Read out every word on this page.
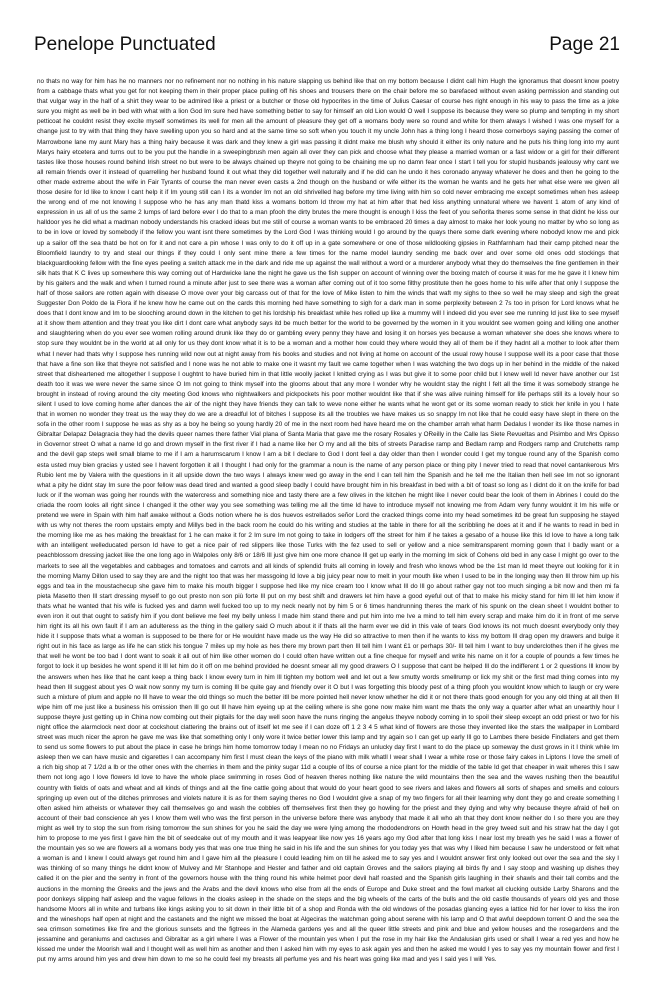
Penelope Punctuated	Page 21

no thats no way for him has he no manners nor no refinement nor no nothing in his nature slapping us behind like that on my bottom because I didnt call him Hugh the ignoramus that doesnt know poetry from a cabbage thats what you get for not keeping them in their proper place pulling off his shoes and trousers there on the chair before me so barefaced without even asking permission and standing out that vulgar way in the half of a shirt they wear to be admired like a priest or a butcher or those old hypocrites in the time of Julius Caesar of course hes right enough in his way to pass the time as a joke sure you might as well be in bed with what with a lion God Im sure hed have something better to say for himself an old Lion would O well I suppose its because they were so plump and tempting in my short petticoat he couldnt resist they excite myself sometimes its well for men all the amount of pleasure they get off a womans body were so round and white for them always I wished I was one myself for a change just to try with that thing they have swelling upon you so hard and at the same time so soft when you touch it my uncle John has a thing long I heard those cornerboys saying passing the corner of Marrowbone lane my aunt Mary has a thing hairy because it was dark and they knew a girl was passing it didnt make me blush why should it either its only nature and he puts his thing long into my aunt Marys hairy etcetera and turns out to be you put the handle in a sweepingbrush men again all over they can pick and choose what they please a married woman or a fast widow or a girl for their different tastes like those houses round behind Irish street no but were to be always chained up theyre not going to be chaining me up no damn fear once I start I tell you for stupid husbands jealousy why cant we all remain friends over it instead of quarrelling her husband found it out what they did together well naturally and if he did can he undo it hes coronado anyway whatever he does and then he going to the other made extreme about the wife in Fair Tyrants of course the man never even casts a 2nd though on the husband or wife either its the woman he wants and he gets her what else were we given all those desire for Id like to know I cant help it if Im young still can I its a wonder Im not an old shrivelled hag before my time living with him so cold never embracing me except sometimes when hes asleep the wrong end of me not knowing I suppose who he has any man thatd kiss a womans bottom Id throw my hat at him after that hed kiss anything unnatural where we havent 1 atom of any kind of expression in us all of us the same 2 lumps of lard before ever I do that to a man pfooh the dirty brutes the mere thought is enough I kiss the feet of you señorita theres some sense in that didnt he kiss our halldoor yes he did what a madman nobody understands his cracked ideas but me still of course a woman wants to be embraced 20 times a day almost to make her look young no matter by who so long as to be in love or loved by somebody if the fellow you want isnt there sometimes by the Lord God I was thinking would I go around by the quays there some dark evening where nobodyd know me and pick up a sailor off the sea thatd be hot on for it and not care a pin whose I was only to do it off up in a gate somewhere or one of those wildlooking gipsies in Rathfarnham had their camp pitched near the Bloomfield laundry to try and steal our things if they could I only sent mine there a few times for the name model laundry sending me back over and over some old ones odd stockings that blackguardlooking fellow with the fine eyes peeling a switch attack me in the dark and ride me up against the wall without a word or a murderer anybody what they do themselves the fine gentlemen in their silk hats that K C lives up somewhere this way coming out of Hardwicke lane the night he gave us the fish supper on account of winning over the boxing match of course it was for me he gave it I knew him by his gaiters and the walk and when I turned round a minute after just to see there was a woman after coming out of it too some filthy prostitute then he goes home to his wife after that only I suppose the half of those sailors are rotten again with disease O move over your big carcass out of that for the love of Mike listen to him the winds that waft my sighs to thee so well he may sleep and sigh the great Suggester Don Poldo de la Flora if he knew how he came out on the cards this morning hed have something to sigh for a dark man in some perplexity between 2 7s too in prison for Lord knows what he does that I dont know and Im to be slooching around down in the kitchen to get his lordship his breakfast while hes rolled up like a mummy will I indeed did you ever see me running Id just like to see myself at it show them attention and they treat you like dirt I dont care what anybody says itd be much better for the world to be governed by the women in it you wouldnt see women going and killing one another and slaughtering when do you ever see women rolling around drunk like they do or gambling every penny they have and losing it on horses yes because a woman whatever she does she knows where to stop sure they wouldnt be in the world at all only for us they dont know what it is to be a woman and a mother how could they where would they all of them be if they hadnt all a mother to look after them what I never had thats why I suppose hes running wild now out at night away from his books and studies and not living at home on account of the usual rowy house I suppose well its a poor case that those that have a fine son like that theyre not satisfied and I none was he not able to make one it wasnt my fault we came together when I was watching the two dogs up in her behind in the middle of the naked street that disheartened me altogether I suppose I oughtnt to have buried him in that little woolly jacket I knitted crying as I was but give it to some poor child but I knew well Id never have another our 1st death too it was we were never the same since O Im not going to think myself into the glooms about that any more I wonder why he wouldnt stay the night I felt all the time it was somebody strange he brought in instead of roving around the city meeting God knows who nightwalkers and pickpockets his poor mother wouldnt like that if she was alive ruining himself for life perhaps still its a lovely hour so silent I used to love coming home after dances the air of the night they have friends they can talk to weve none either he wants what he wont get or its some woman ready to stick her knife in you I hate that in women no wonder they treat us the way they do we are a dreadful lot of bitches I suppose its all the troubles we have makes us so snappy Im not like that he could easy have slept in there on the sofa in the other room I suppose he was as shy as a boy he being so young hardly 20 of me in the next room hed have heard me on the chamber arrah what harm Dedalus I wonder its like those names in Gibraltar Delapaz Delagracia they had the devils queer names there father Vial plana of Santa Maria that gave me the rosary Rosales y OReilly in the Calle las Siete Revueltas and Pisimbo and Mrs Opisso in Governor street O what a name Id go and drown myself in the first river if I had a name like her O my and all the bits of streets Paradise ramp and Bedlam ramp and Rodgers ramp and Crutchetts ramp and the devil gap steps well small blame to me if I am a harumscarum I know I am a bit I declare to God I dont feel a day older than then I wonder could I get my tongue round any of the Spanish como esta usted muy bien gracias y usted see I havent forgotten it all I thought I had only for the grammar a noun is the name of any person place or thing pity I never tried to read that novel cantankerous Mrs Rubio lent me by Valera with the questions in it all upside down the two ways I always knew wed go away in the end I can tell him the Spanish and he tell me the Italian then hell see Im not so ignorant what a pity he didnt stay Im sure the poor fellow was dead tired and wanted a good sleep badly I could have brought him in his breakfast in bed with a bit of toast so long as I didnt do it on the knife for bad luck or if the woman was going her rounds with the watercress and something nice and tasty there are a few olives in the kitchen he might like I never could bear the look of them in Abrines I could do the criada the room looks all right since I changed it the other way you see something was telling me all the time Id have to introduce myself not knowing me from Adam very funny wouldnt it Im his wife or pretend we were in Spain with him half awake without a Gods notion where he is dos huevos estrellados señor Lord the cracked things come into my head sometimes itd be great fun supposing he stayed with us why not theres the room upstairs empty and Millys bed in the back room he could do his writing and studies at the table in there for all the scribbling he does at it and if he wants to read in bed in the morning like me as hes making the breakfast for 1 he can make it for 2 Im sure Im not going to take in lodgers off the street for him if he takes a gesabo of a house like this Id love to have a long talk with an intelligent welleducated person Id have to get a nice pair of red slippers like those Turks with the fez used to sell or yellow and a nice semitransparent morning gown that I badly want or a peachblossom dressing jacket like the one long ago in Walpoles only 8/6 or 18/6 Ill just give him one more chance Ill get up early in the morning Im sick of Cohens old bed in any case I might go over to the markets to see all the vegetables and cabbages and tomatoes and carrots and all kinds of splendid fruits all coming in lovely and fresh who knows whod be the 1st man Id meet theyre out looking for it in the morning Mamy Dillon used to say they are and the night too that was her massgoing Id love a big juicy pear now to melt in your mouth like when I used to be in the longing way then Ill throw him up his eggs and tea in the moustachecup she gave him to make his mouth bigger I suppose hed like my nice cream too I know what Ill do Ill go about rather gay not too much singing a bit now and then mi fa pieta Masetto then Ill start dressing myself to go out presto non son più forte Ill put on my best shift and drawers let him have a good eyeful out of that to make his micky stand for him Ill let him know if thats what he wanted that his wife is fucked yes and damn well fucked too up to my neck nearly not by him 5 or 6 times handrunning theres the mark of his spunk on the clean sheet I wouldnt bother to even iron it out that ought to satisfy him if you dont believe me feel my belly unless I made him stand there and put him into me Ive a mind to tell him every scrap and make him do it in front of me serve him right its all his own fault if I am an adulteress as the thing in the gallery said O much about it if thats all the harm ever we did in this vale of tears God knows its not much doesnt everybody only they hide it I suppose thats what a woman is supposed to be there for or He wouldnt have made us the way He did so attractive to men then if he wants to kiss my bottom Ill drag open my drawers and bulge it right out in his face as large as life he can stick his tongue 7 miles up my hole as hes there my brown part then Ill tell him I want £1 or perhaps 30/- Ill tell him I want to buy underclothes then if he gives me that well he wont be too bad I dont want to soak it all out of him like other women do I could often have written out a fine cheque for myself and write his name on it for a couple of pounds a few times he forgot to lock it up besides he wont spend it Ill let him do it off on me behind provided he doesnt smear all my good drawers O I suppose that cant be helped Ill do the indifferent 1 or 2 questions Ill know by the answers when hes like that he cant keep a thing back I know every turn in him Ill tighten my bottom well and let out a few smutty words smellrump or lick my shit or the first mad thing comes into my head then Ill suggest about yes O wait now sonny my turn is coming Ill be quite gay and friendly over it O but I was forgetting this bloody pest of a thing pfooh you wouldnt know which to laugh or cry were such a mixture of plum and apple no Ill have to wear the old things so much the better itll be more pointed hell never know whether he did it or not there thats good enough for you any old thing at all then Ill wipe him off me just like a business his omission then Ill go out Ill have him eyeing up at the ceiling where is she gone now make him want me thats the only way a quarter after what an unearthly hour I suppose theyre just getting up in China now combing out their pigtails for the day well soon have the nuns ringing the angelus theyve nobody coming in to spoil their sleep except an odd priest or two for his night office the alarmclock next door at cockshout clattering the brains out of itself let me see if I can doze off 1 2 3 4 5 what kind of flowers are those they invented like the stars the wallpaper in Lombard street was much nicer the apron he gave me was like that something only I only wore it twice better lower this lamp and try again so I can get up early Ill go to Lambes there beside Findlaters and get them to send us some flowers to put about the place in case he brings him home tomorrow today I mean no no Fridays an unlucky day first I want to do the place up someway the dust grows in it I think while Im asleep then we can have music and cigarettes I can accompany him first I must clean the keys of the piano with milk whatll I wear shall I wear a white rose or those fairy cakes in Liptons I love the smell of a rich big shop at 7 1/2d a lb or the other ones with the cherries in them and the pinky sugar 11d a couple of lbs of course a nice plant for the middle of the table Id get that cheaper in wait wheres this I saw them not long ago I love flowers Id love to have the whole place swimming in roses God of heaven theres nothing like nature the wild mountains then the sea and the waves rushing then the beautiful country with fields of oats and wheat and all kinds of things and all the fine cattle going about that would do your heart good to see rivers and lakes and flowers all sorts of shapes and smells and colours springing up even out of the ditches primroses and violets nature it is as for them saying theres no God I wouldnt give a snap of my two fingers for all their learning why dont they go and create something I often asked him atheists or whatever they call themselves go and wash the cobbles off themselves first then they go howling for the priest and they dying and why why because theyre afraid of hell on account of their bad conscience ah yes I know them well who was the first person in the universe before there was anybody that made it all who ah that they dont know neither do I so there you are they might as well try to stop the sun from rising tomorrow the sun shines for you he said the day we were lying among the rhododendrons on Howth head in the grey tweed suit and his straw hat the day I got him to propose to me yes first I gave him the bit of seedcake out of my mouth and it was leapyear like now yes 16 years ago my God after that long kiss I near lost my breath yes he said I was a flower of the mountain yes so we are flowers all a womans body yes that was one true thing he said in his life and the sun shines for you today yes that was why I liked him because I saw he understood or felt what a woman is and I knew I could always get round him and I gave him all the pleasure I could leading him on till he asked me to say yes and I wouldnt answer first only looked out over the sea and the sky I was thinking of so many things he didnt know of Mulvey and Mr Stanhope and Hester and father and old captain Groves and the sailors playing all birds fly and I say stoop and washing up dishes they called it on the pier and the sentry in front of the governors house with the thing round his white helmet poor devil half roasted and the Spanish girls laughing in their shawls and their tall combs and the auctions in the morning the Greeks and the jews and the Arabs and the devil knows who else from all the ends of Europe and Duke street and the fowl market all clucking outside Larby Sharons and the poor donkeys slipping half asleep and the vague fellows in the cloaks asleep in the shade on the steps and the big wheels of the carts of the bulls and the old castle thousands of years old yes and those handsome Moors all in white and turbans like kings asking you to sit down in their little bit of a shop and Ronda with the old windows of the posadas glancing eyes a lattice hid for her lover to kiss the iron and the wineshops half open at night and the castanets and the night we missed the boat at Algeciras the watchman going about serene with his lamp and O that awful deepdown torrent O and the sea the sea crimson sometimes like fire and the glorious sunsets and the figtrees in the Alameda gardens yes and all the queer little streets and pink and blue and yellow houses and the rosegardens and the jessamine and geraniums and cactuses and Gibraltar as a girl where I was a Flower of the mountain yes when I put the rose in my hair like the Andalusian girls used or shall I wear a red yes and how he kissed me under the Moorish wall and I thought well as well him as another and then I asked him with my eyes to ask again yes and then he asked me would I yes to say yes my mountain flower and first I put my arms around him yes and drew him down to me so he could feel my breasts all perfume yes and his heart was going like mad and yes I said yes I will Yes.
